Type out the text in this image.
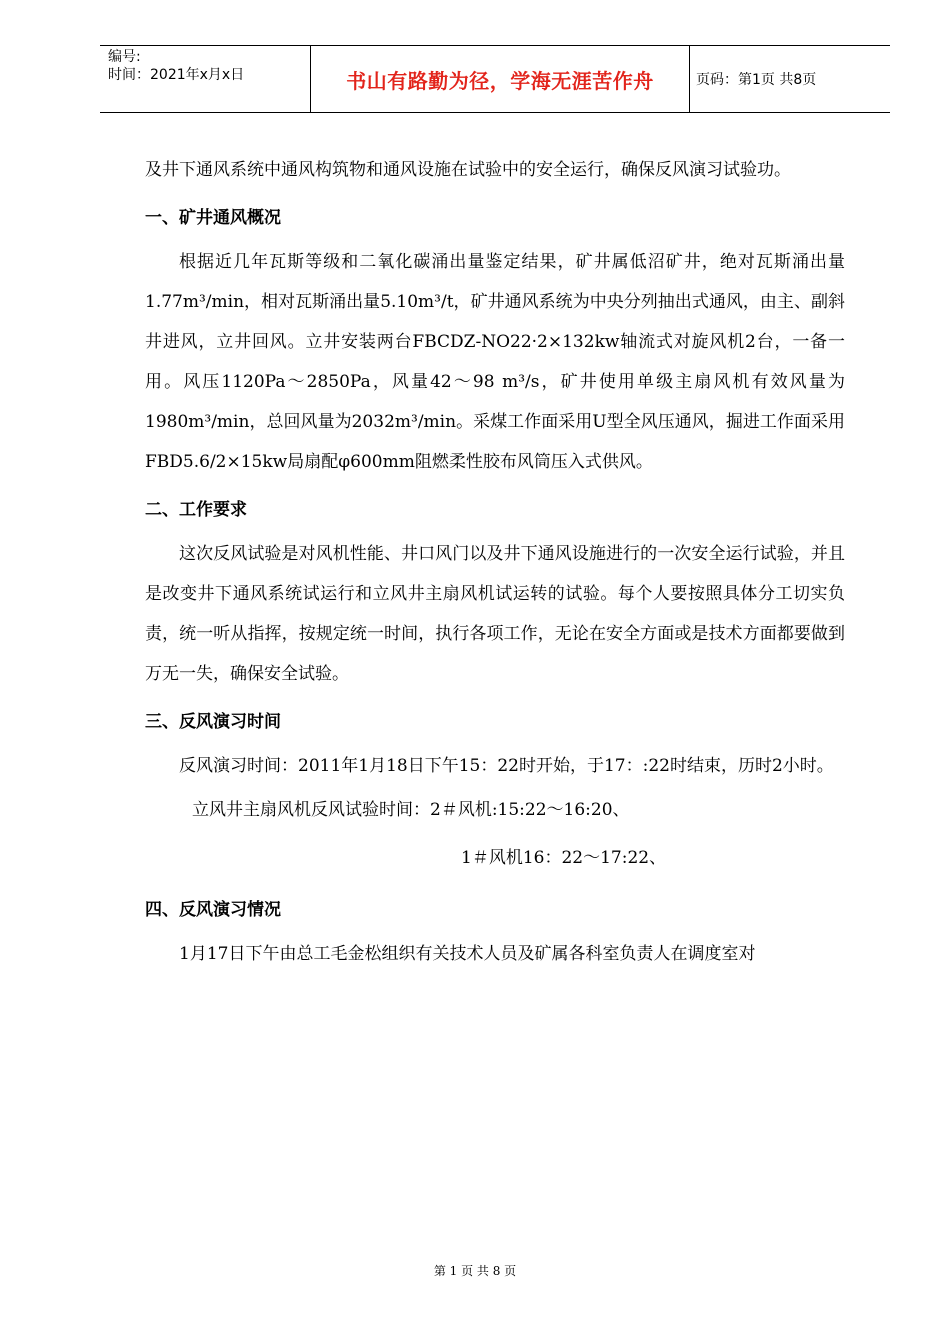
编号:
时间：2021年x月x日	书山有路勤为径，学海无涯苦作舟	页码：第1页 共8页

及井下通风系统中通风构筑物和通风设施在试验中的安全运行，确保反风演习试验功。

一、矿井通风概况

根据近几年瓦斯等级和二氧化碳涌出量鉴定结果，矿井属低沼矿井，绝对瓦斯涌出量1.77m³/min，相对瓦斯涌出量5.10m³/t，矿井通风系统为中央分列抽出式通风，由主、副斜井进风，立井回风。立井安装两台FBCDZ-NO22·2×132kw轴流式对旋风机2台，一备一用。风压1120Pa～2850Pa，风量42～98 m³/s，矿井使用单级主扇风机有效风量为1980m³/min，总回风量为2032m³/min。采煤工作面采用U型全风压通风，掘进工作面采用FBD5.6/2×15kw局扇配φ600mm阻燃柔性胶布风筒压入式供风。

二、工作要求

这次反风试验是对风机性能、井口风门以及井下通风设施进行的一次安全运行试验，并且是改变井下通风系统试运行和立风井主扇风机试运转的试验。每个人要按照具体分工切实负责，统一听从指挥，按规定统一时间，执行各项工作，无论在安全方面或是技术方面都要做到万无一失，确保安全试验。

三、反风演习时间

反风演习时间：2011年1月18日下午15：22时开始，于17：:22时结束，历时2小时。

立风井主扇风机反风试验时间：2＃风机:15:22～16:20、

1＃风机16：22～17:22、

四、反风演习情况

1月17日下午由总工毛金松组织有关技术人员及矿属各科室负责人在调度室对

第 1 页 共 8 页
